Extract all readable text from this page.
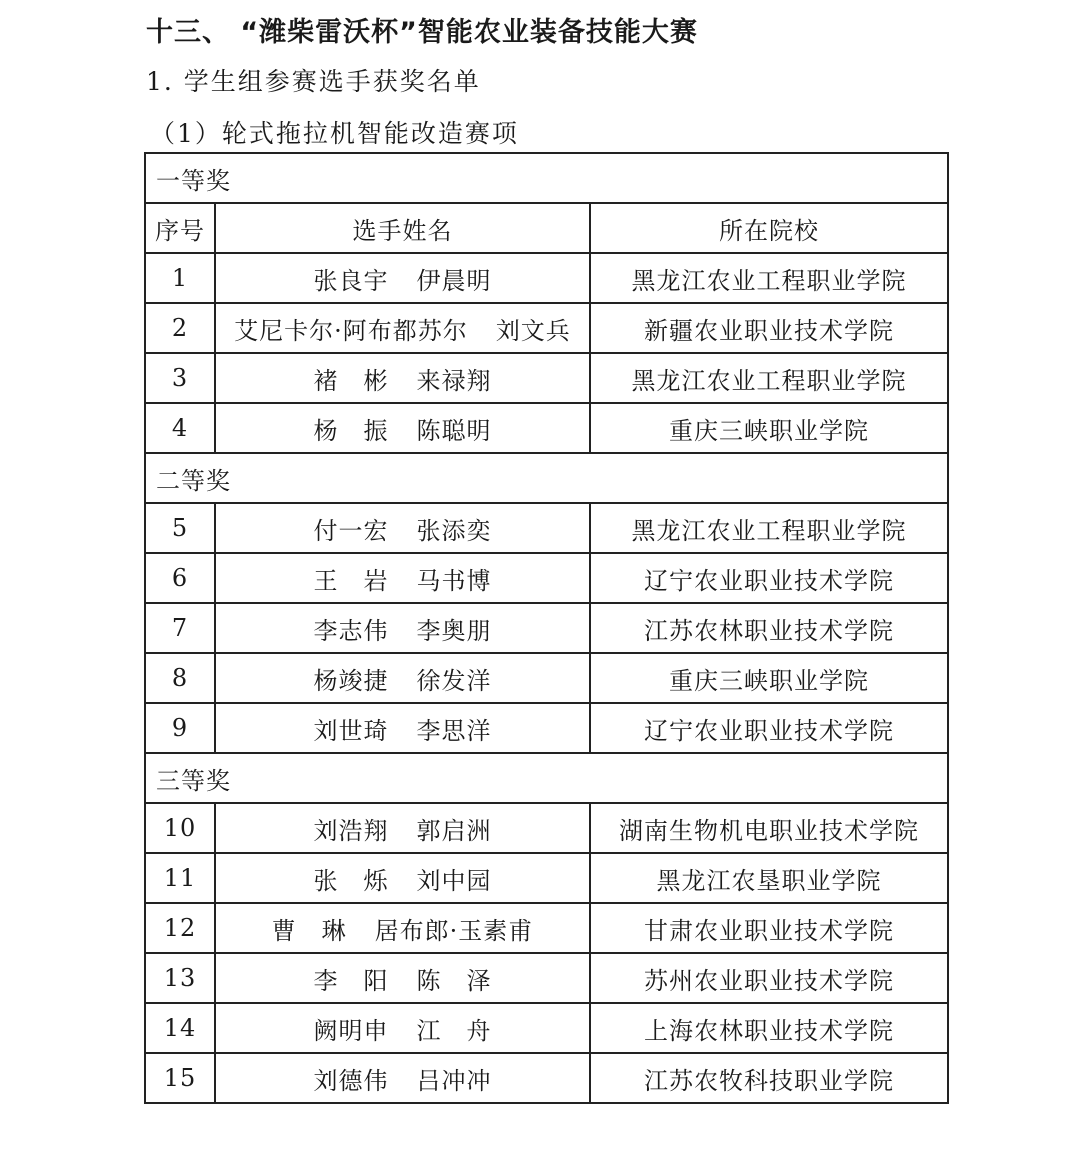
十三、 “潍柴雷沃杯”智能农业装备技能大赛
1. 学生组参赛选手获奖名单
（1）轮式拖拉机智能改造赛项
一等奖		
序号	选手姓名	所在院校
1	张良宇 伊晨明	黑龙江农业工程职业学院
2	艾尼卡尔·阿布都苏尔 刘文兵	新疆农业职业技术学院
3	褚　彬 来禄翔	黑龙江农业工程职业学院
4	杨　振 陈聪明	重庆三峡职业学院
二等奖		
5	付一宏 张添奕	黑龙江农业工程职业学院
6	王　岩 马书博	辽宁农业职业技术学院
7	李志伟 李奥朋	江苏农林职业技术学院
8	杨竣捷 徐发洋	重庆三峡职业学院
9	刘世琦 李思洋	辽宁农业职业技术学院
三等奖		
10	刘浩翔 郭启洲	湖南生物机电职业技术学院
11	张　烁 刘中园	黑龙江农垦职业学院
12	曹　琳 居布郎·玉素甫	甘肃农业职业技术学院
13	李　阳 陈　泽	苏州农业职业技术学院
14	阙明申 江　舟	上海农林职业技术学院
15	刘德伟 吕冲冲	江苏农牧科技职业学院
